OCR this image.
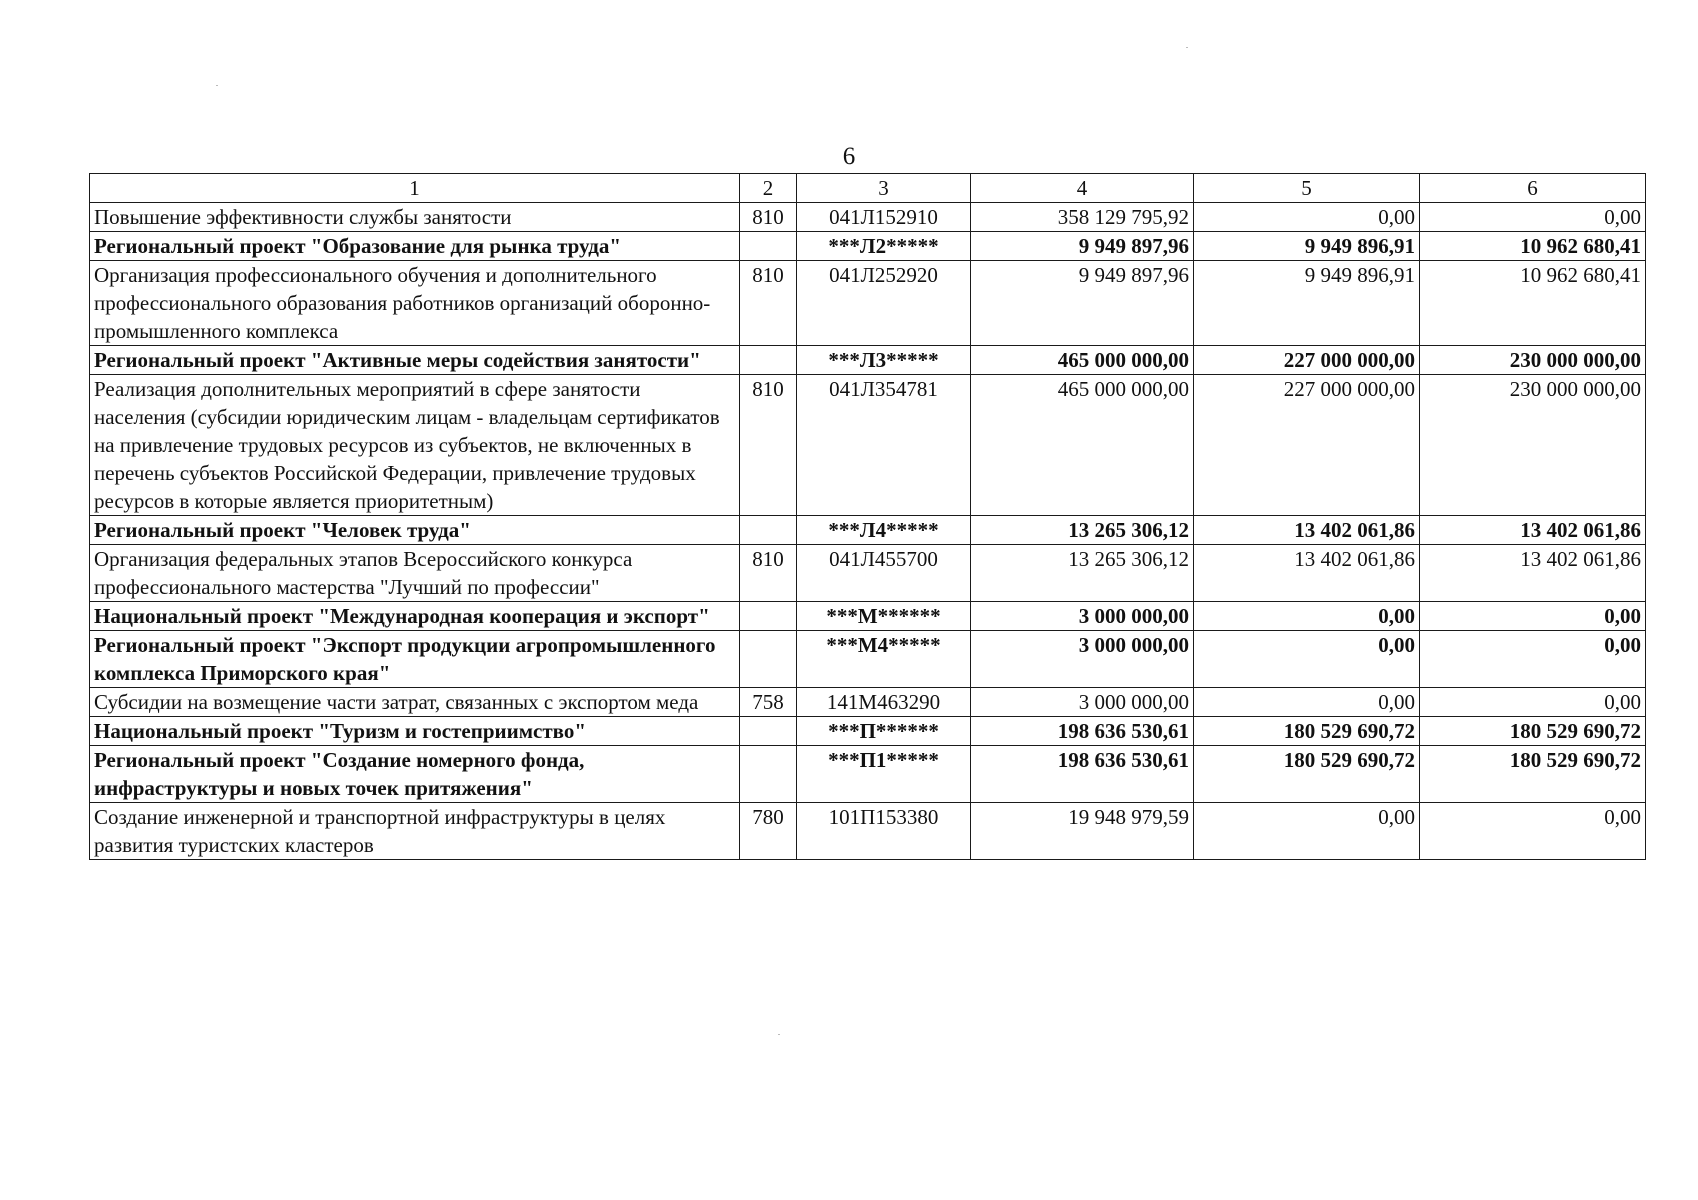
6
1	2	3	4	5	6
Повышение эффективности службы занятости	810	041Л152910	358 129 795,92	0,00	0,00
Региональный проект "Образование для рынка труда"		***Л2*****	9 949 897,96	9 949 896,91	10 962 680,41
Организация профессионального обучения и дополнительного профессионального образования работников организаций оборонно-промышленного комплекса	810	041Л252920	9 949 897,96	9 949 896,91	10 962 680,41
Региональный проект "Активные меры содействия занятости"		***Л3*****	465 000 000,00	227 000 000,00	230 000 000,00
Реализация дополнительных мероприятий в сфере занятости населения (субсидии юридическим лицам - владельцам сертификатов на привлечение трудовых ресурсов из субъектов, не включенных в перечень субъектов Российской Федерации, привлечение трудовых ресурсов в которые является приоритетным)	810	041Л354781	465 000 000,00	227 000 000,00	230 000 000,00
Региональный проект "Человек труда"		***Л4*****	13 265 306,12	13 402 061,86	13 402 061,86
Организация федеральных этапов Всероссийского конкурса профессионального мастерства "Лучший по профессии"	810	041Л455700	13 265 306,12	13 402 061,86	13 402 061,86
Национальный проект "Международная кооперация и экспорт"		***М******	3 000 000,00	0,00	0,00
Региональный проект "Экспорт продукции агропромышленного комплекса Приморского края"		***М4*****	3 000 000,00	0,00	0,00
Субсидии на возмещение части затрат, связанных с экспортом меда	758	141М463290	3 000 000,00	0,00	0,00
Национальный проект "Туризм и гостеприимство"		***П******	198 636 530,61	180 529 690,72	180 529 690,72
Региональный проект "Создание номерного фонда, инфраструктуры и новых точек притяжения"		***П1*****	198 636 530,61	180 529 690,72	180 529 690,72
Создание инженерной и транспортной инфраструктуры в целях развития туристских кластеров	780	101П153380	19 948 979,59	0,00	0,00
